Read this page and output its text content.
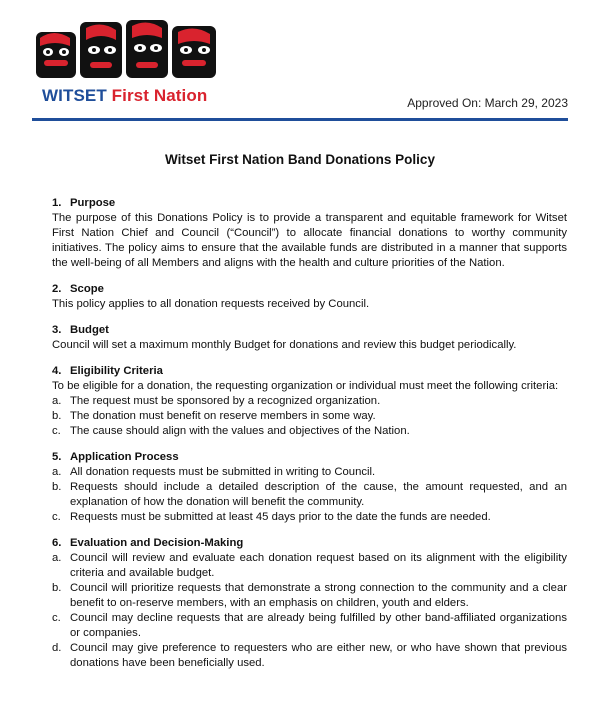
WITSET First Nation	Approved On: March 29, 2023
Witset First Nation Band Donations Policy
1. Purpose
The purpose of this Donations Policy is to provide a transparent and equitable framework for Witset First Nation Chief and Council (“Council”) to allocate financial donations to worthy community initiatives. The policy aims to ensure that the available funds are distributed in a manner that supports the well-being of all Members and aligns with the health and culture priorities of the Nation.
2. Scope
This policy applies to all donation requests received by Council.
3. Budget
Council will set a maximum monthly Budget for donations and review this budget periodically.
4. Eligibility Criteria
To be eligible for a donation, the requesting organization or individual must meet the following criteria:
a. The request must be sponsored by a recognized organization.
b. The donation must benefit on reserve members in some way.
c. The cause should align with the values and objectives of the Nation.
5. Application Process
a. All donation requests must be submitted in writing to Council.
b. Requests should include a detailed description of the cause, the amount requested, and an explanation of how the donation will benefit the community.
c. Requests must be submitted at least 45 days prior to the date the funds are needed.
6. Evaluation and Decision-Making
a. Council will review and evaluate each donation request based on its alignment with the eligibility criteria and available budget.
b. Council will prioritize requests that demonstrate a strong connection to the community and a clear benefit to on-reserve members, with an emphasis on children, youth and elders.
c. Council may decline requests that are already being fulfilled by other band-affiliated organizations or companies.
d. Council may give preference to requesters who are either new, or who have shown that previous donations have been beneficially used.
